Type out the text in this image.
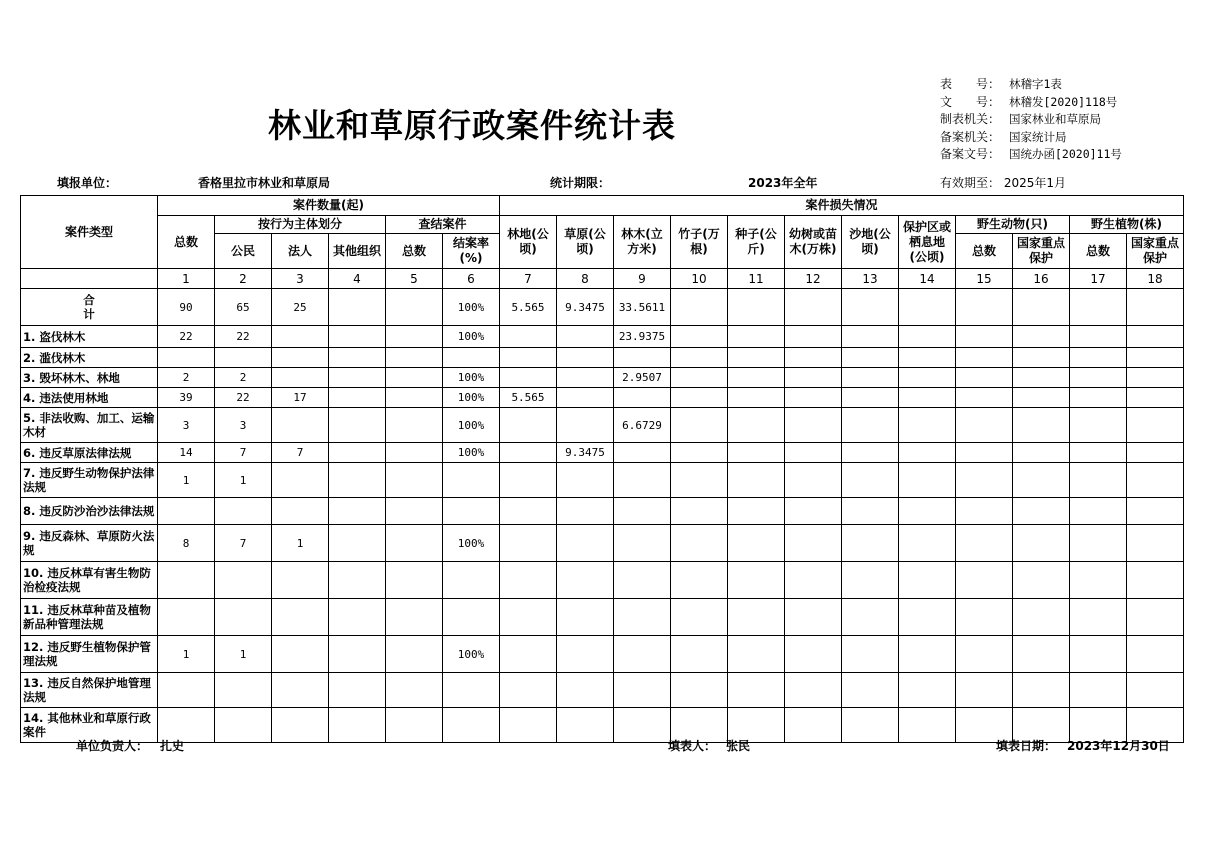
林业和草原行政案件统计表
表　　号： 林稽字1表
文　　号： 林稽发[2020]118号
制表机关： 国家林业和草原局
备案机关： 国家统计局
备案文号： 国统办函[2020]11号
填报单位：	香格里拉市林业和草原局	统计期限：	2023年全年	有效期至： 2025年1月
案件类型	案件数量(起)						案件损失情况											
	总数	按行为主体划分			查结案件		林地(公顷)	草原(公顷)	林木(立方米)	竹子(万根)	种子(公斤)	幼树或苗木(万株)	沙地(公顷)	保护区或栖息地(公顷)	野生动物(只)		野生植物(株)	
		公民	法人	其他组织	总数	结案率(%)									总数	国家重点保护	总数	国家重点保护
	1	2	3	4	5	6	7	8	9	10	11	12	13	14	15	16	17	18
合　　计	90	65	25			100%	5.565	9.3475	33.5611									
1. 盗伐林木	22	22				100%			23.9375									
2. 滥伐林木																		
3. 毁坏林木、林地	2	2				100%			2.9507									
4. 违法使用林地	39	22	17			100%	5.565											
5. 非法收购、加工、运输木材	3	3				100%			6.6729									
6. 违反草原法律法规	14	7	7			100%		9.3475										
7. 违反野生动物保护法律法规	1	1																
8. 违反防沙治沙法律法规																		
9. 违反森林、草原防火法规	8	7	1			100%												
10. 违反林草有害生物防治检疫法规																		
11. 违反林草种苗及植物新品种管理法规																		
12. 违反野生植物保护管理法规	1	1				100%												
13. 违反自然保护地管理法规																		
14. 其他林业和草原行政案件																		
单位负责人： 扎史	填表人： 张民	填表日期： 2023年12月30日
